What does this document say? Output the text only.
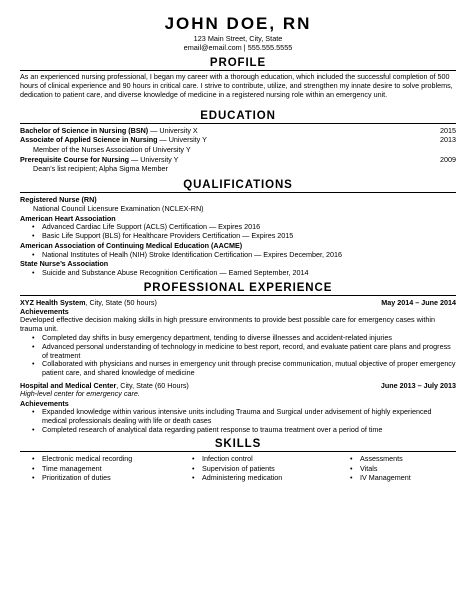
JOHN DOE, RN
123 Main Street, City, State
email@email.com | 555.555.5555
PROFILE

As an experienced nursing professional, I began my career with a thorough education, which included the successful completion of 500 hours of clinical experience and 90 hours in critical care. I strive to contribute, utilize, and strengthen my innate desire to solve problems, dedication to patient care, and diverse knowledge of medicine in a registered nursing role within an emergency unit.

EDUCATION
Bachelor of Science in Nursing (BSN) — University X	2015
Associate of Applied Science in Nursing — University Y	2013
Member of the Nurses Association of University Y
Prerequisite Course for Nursing — University Y	2009
Dean’s list recipient; Alpha Sigma Member
QUALIFICATIONS
Registered Nurse (RN)
National Council Licensure Examination (NCLEX-RN)
American Heart Association
• Advanced Cardiac Life Support (ACLS) Certification — Expires 2016
• Basic Life Support (BLS) for Healthcare Providers Certification — Expires 2015
American Association of Continuing Medical Education (AACME)
• National Institutes of Healh (NIH) Stroke Identification Certification — Expires December, 2016
State Nurse’s Association
• Suicide and Substance Abuse Recognition Certification — Earned September, 2014
PROFESSIONAL EXPERIENCE
XYZ Health System, City, State (50 hours)	May 2014 – June 2014
Achievements

Developed effective decision making skills in high pressure environments to provide best possible care for emergency cases within trauma unit.

• Completed day shifts in busy emergency department, tending to diverse illnesses and accident-related injuries
• Advanced personal understanding of technology in medicine to best report, record, and evaluate patient care plans and progress of treatment
• Collaborated with physicians and nurses in emergency unit through precise communication, mutual objective of proper emergency patient care, and shared knowledge of medicine
Hospital and Medical Center, City, State (60 Hours)	June 2013 – July 2013
High-level center for emergency care.
Achievements
• Expanded knowledge within various intensive units including Trauma and Surgical under advisement of highly experienced medical professionals dealing with life or death cases
• Completed research of analytical data regarding patient response to trauma treatment over a period of time
SKILLS
• Electronic medical recording	• Infection control	• Assessments
• Time management	• Supervision of patients	• Vitals
• Prioritization of duties	• Administering medication	• IV Management
